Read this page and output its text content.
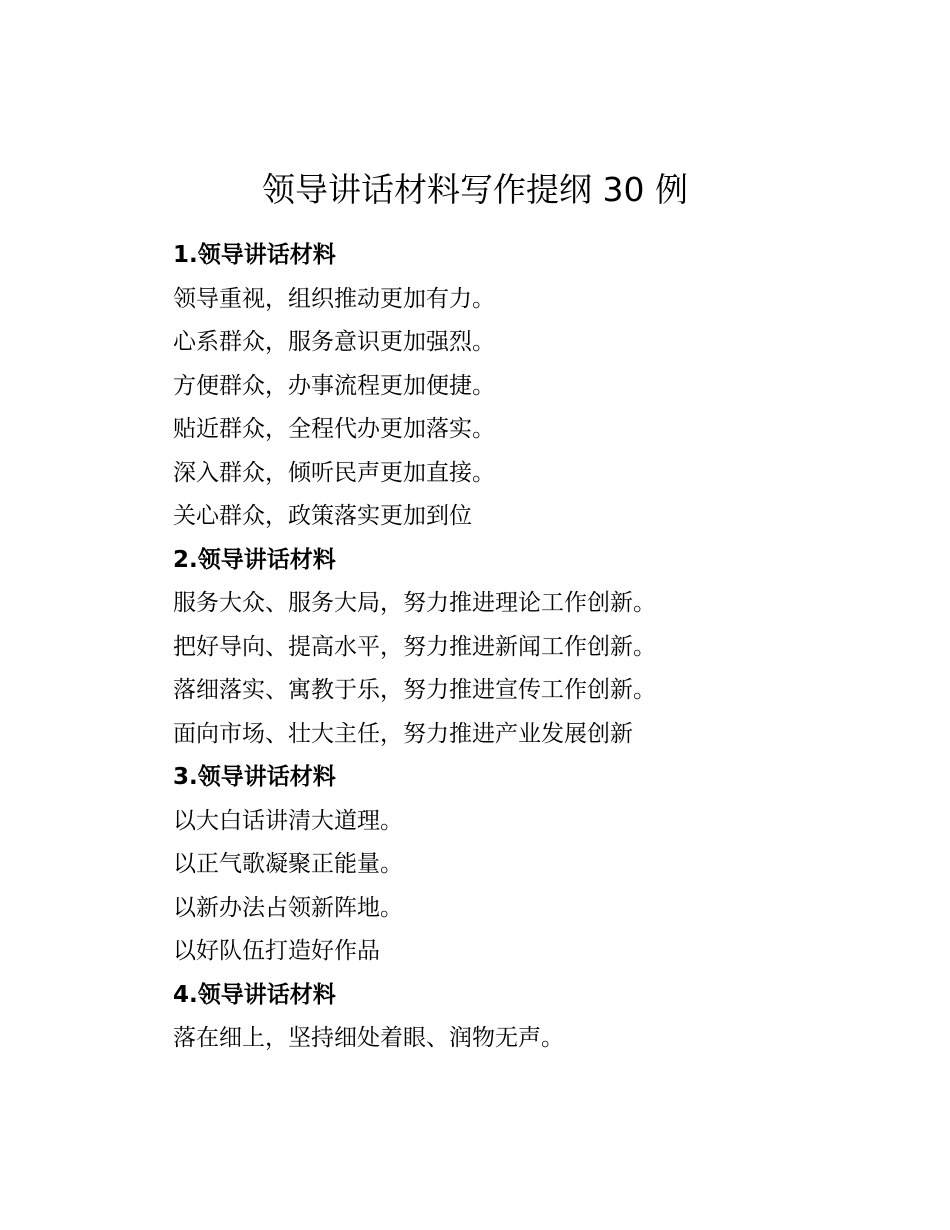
领导讲话材料写作提纲 30 例
1.领导讲话材料
领导重视，组织推动更加有力。
心系群众，服务意识更加强烈。
方便群众，办事流程更加便捷。
贴近群众，全程代办更加落实。
深入群众，倾听民声更加直接。
关心群众，政策落实更加到位
2.领导讲话材料
服务大众、服务大局，努力推进理论工作创新。
把好导向、提高水平，努力推进新闻工作创新。
落细落实、寓教于乐，努力推进宣传工作创新。
面向市场、壮大主任，努力推进产业发展创新
3.领导讲话材料
以大白话讲清大道理。
以正气歌凝聚正能量。
以新办法占领新阵地。
以好队伍打造好作品
4.领导讲话材料
落在细上，坚持细处着眼、润物无声。
